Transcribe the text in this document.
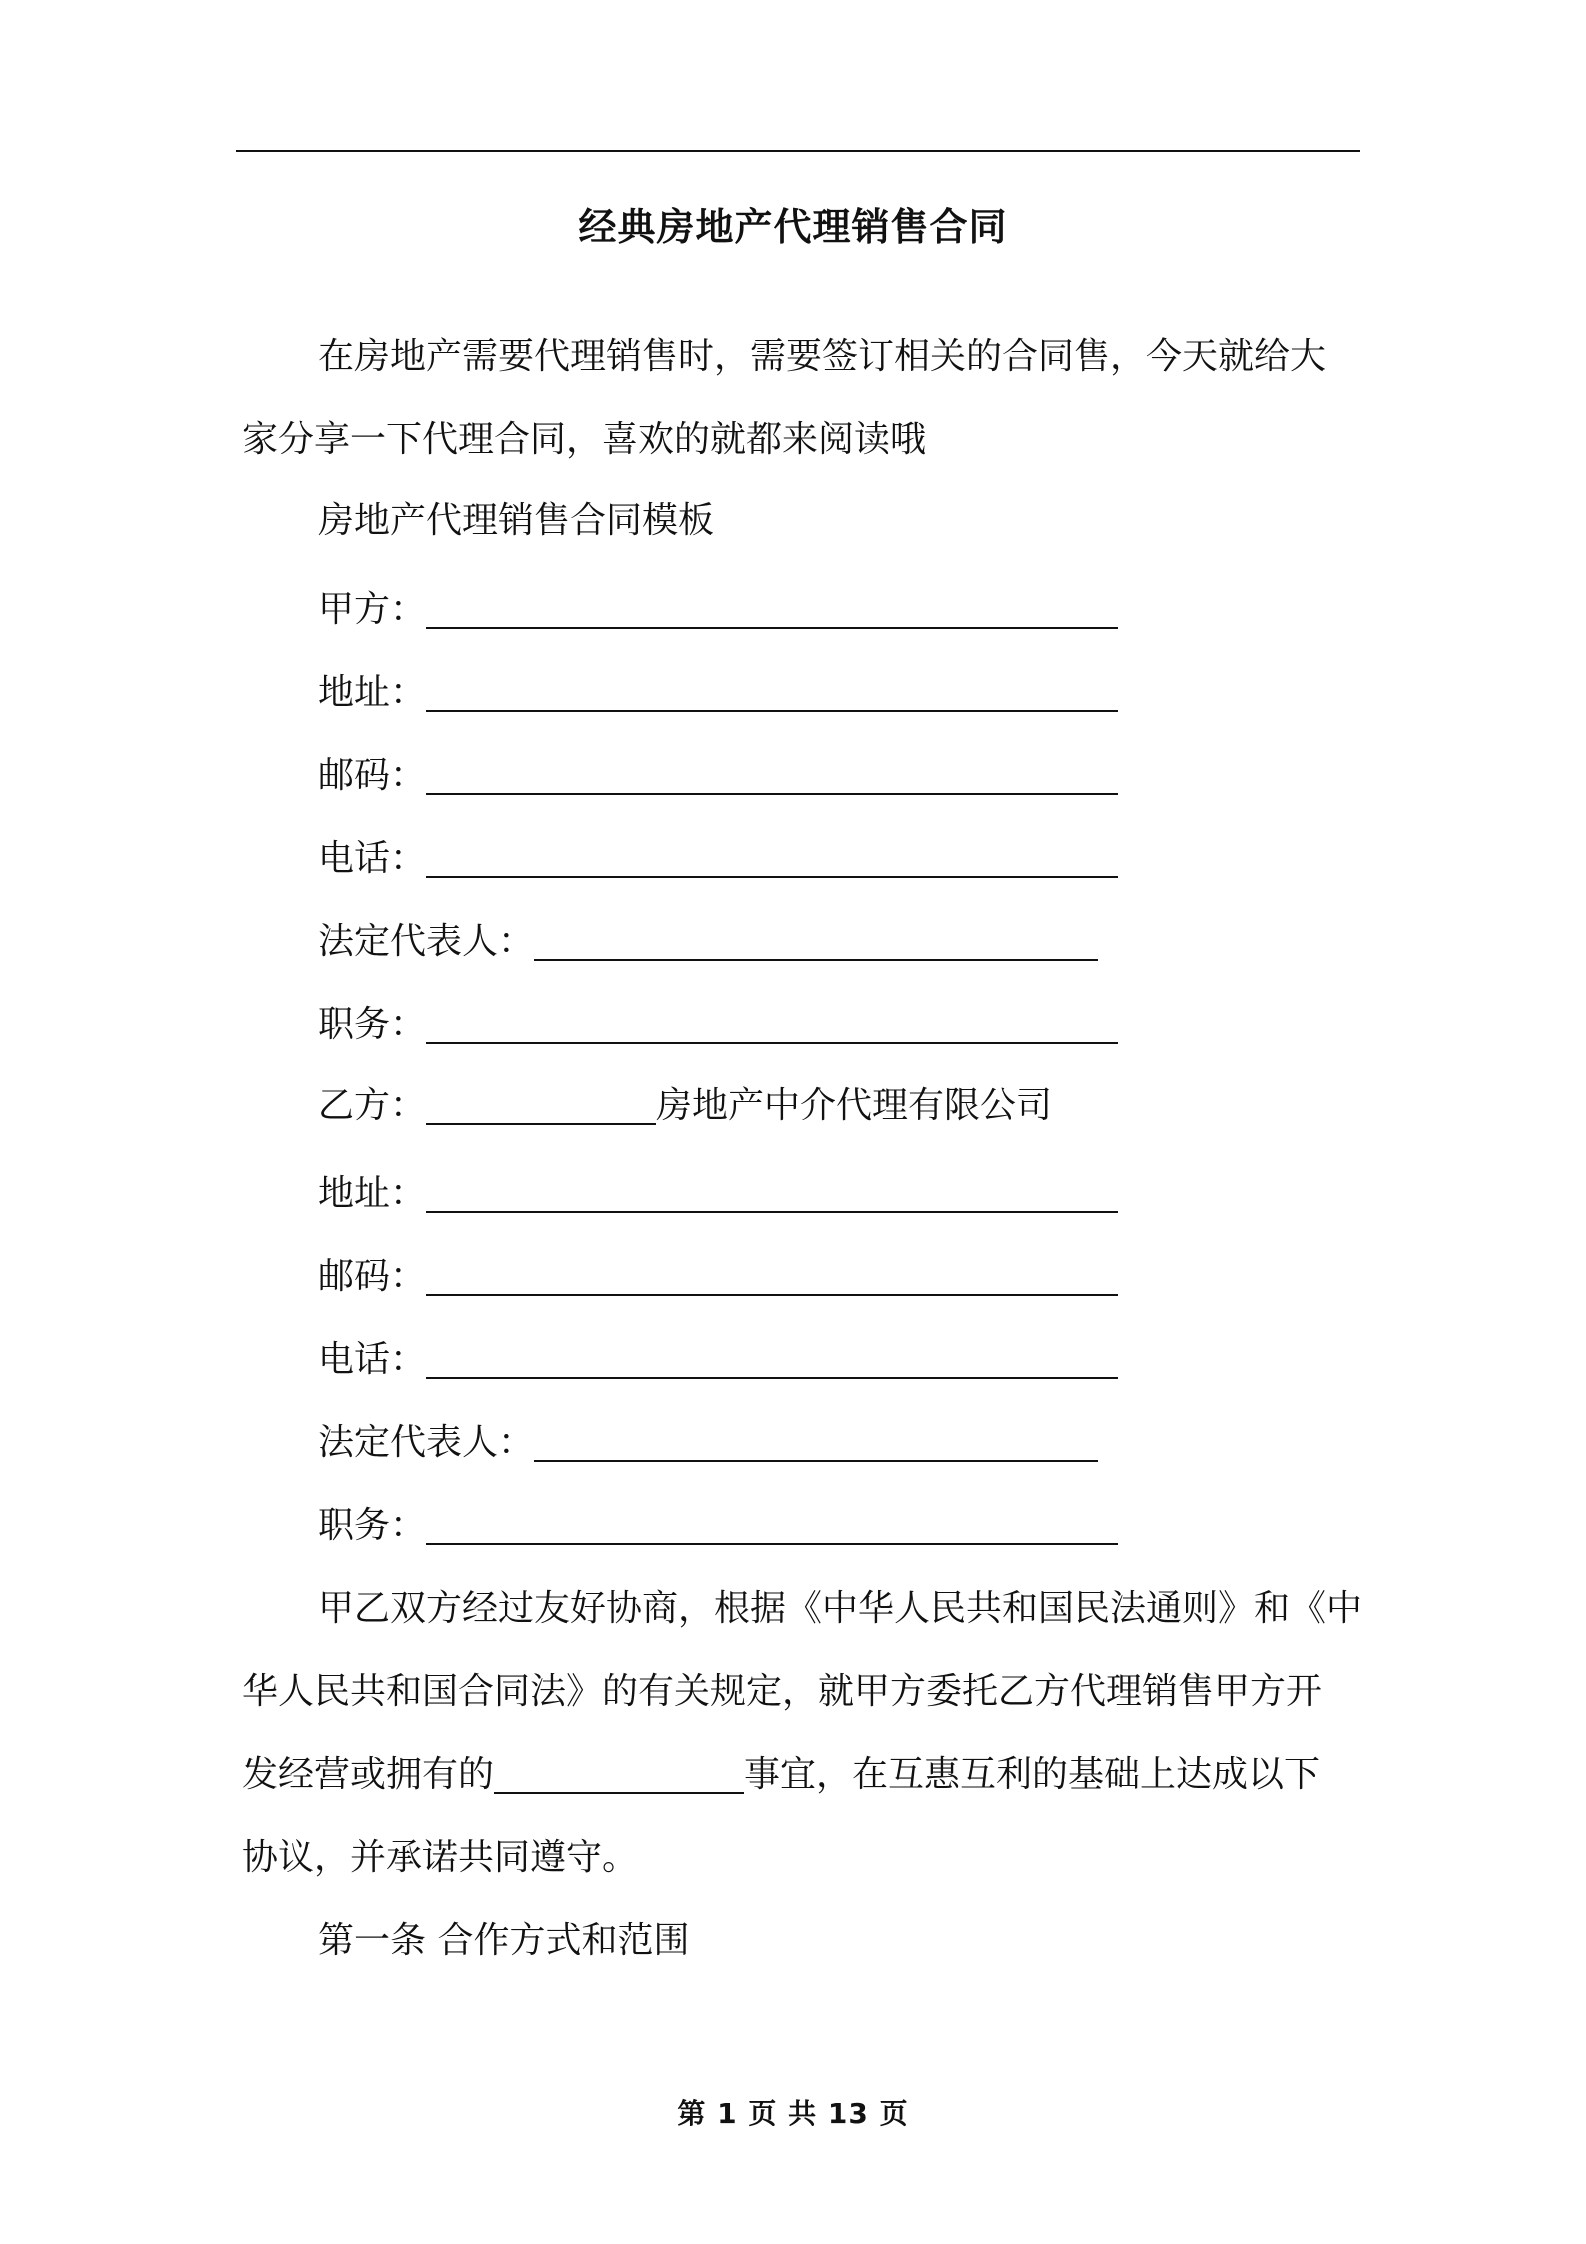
经典房地产代理销售合同
在房地产需要代理销售时，需要签订相关的合同售，今天就给大
家分享一下代理合同，喜欢的就都来阅读哦
房地产代理销售合同模板
甲方：
地址：
邮码：
电话：
法定代表人：
职务：
乙方：	房地产中介代理有限公司
地址：
邮码：
电话：
法定代表人：
职务：
甲乙双方经过友好协商，根据《中华人民共和国民法通则》和《中
华人民共和国合同法》的有关规定，就甲方委托乙方代理销售甲方开
发经营或拥有的	事宜，在互惠互利的基础上达成以下
协议，并承诺共同遵守。
第一条 合作方式和范围
第 1 页 共 13 页
